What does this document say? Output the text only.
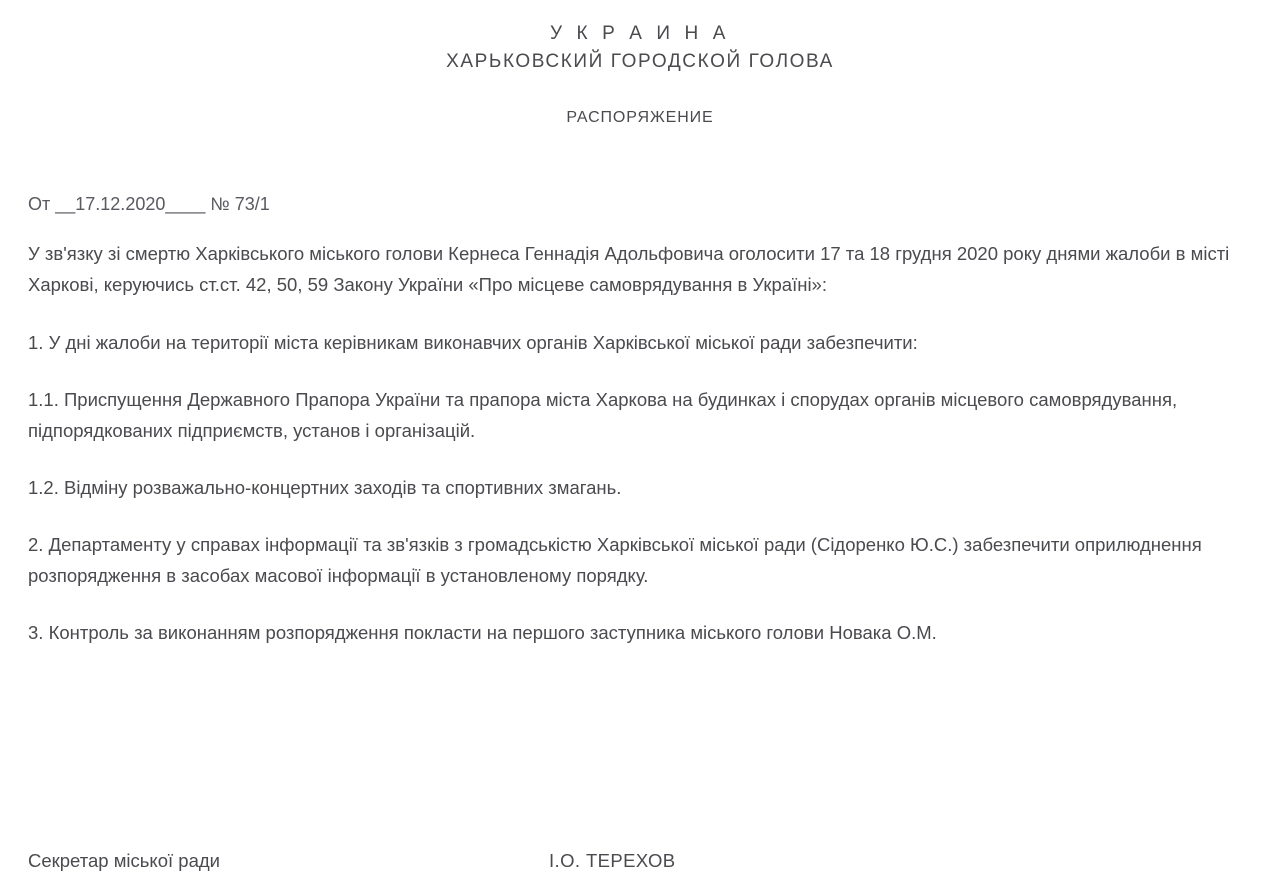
У К Р А И Н А
ХАРЬКОВСКИЙ ГОРОДСКОЙ ГОЛОВА
РАСПОРЯЖЕНИЕ
От __17.12.2020____ № 73/1

У зв'язку зі смертю Харківського міського голови Кернеса Геннадія Адольфовича оголосити 17 та 18 грудня 2020 року днями жалоби в місті Харкові, керуючись ст.ст. 42, 50, 59 Закону України «Про місцеве самоврядування в Україні»:

1. У дні жалоби на території міста керівникам виконавчих органів Харківської міської ради забезпечити:

1.1. Приспущення Державного Прапора України та прапора міста Харкова на будинках і спорудах органів місцевого самоврядування, підпорядкованих підприємств, установ і організацій.

1.2. Відміну розважально-концертних заходів та спортивних змагань.

2. Департаменту у справах інформації та зв'язків з громадськістю Харківської міської ради (Сідоренко Ю.С.) забезпечити оприлюднення розпорядження в засобах масової інформації в установленому порядку.

3. Контроль за виконанням розпорядження покласти на першого заступника міського голови Новака О.М.

Секретар міської ради	І.О. ТЕРЕХОВ
